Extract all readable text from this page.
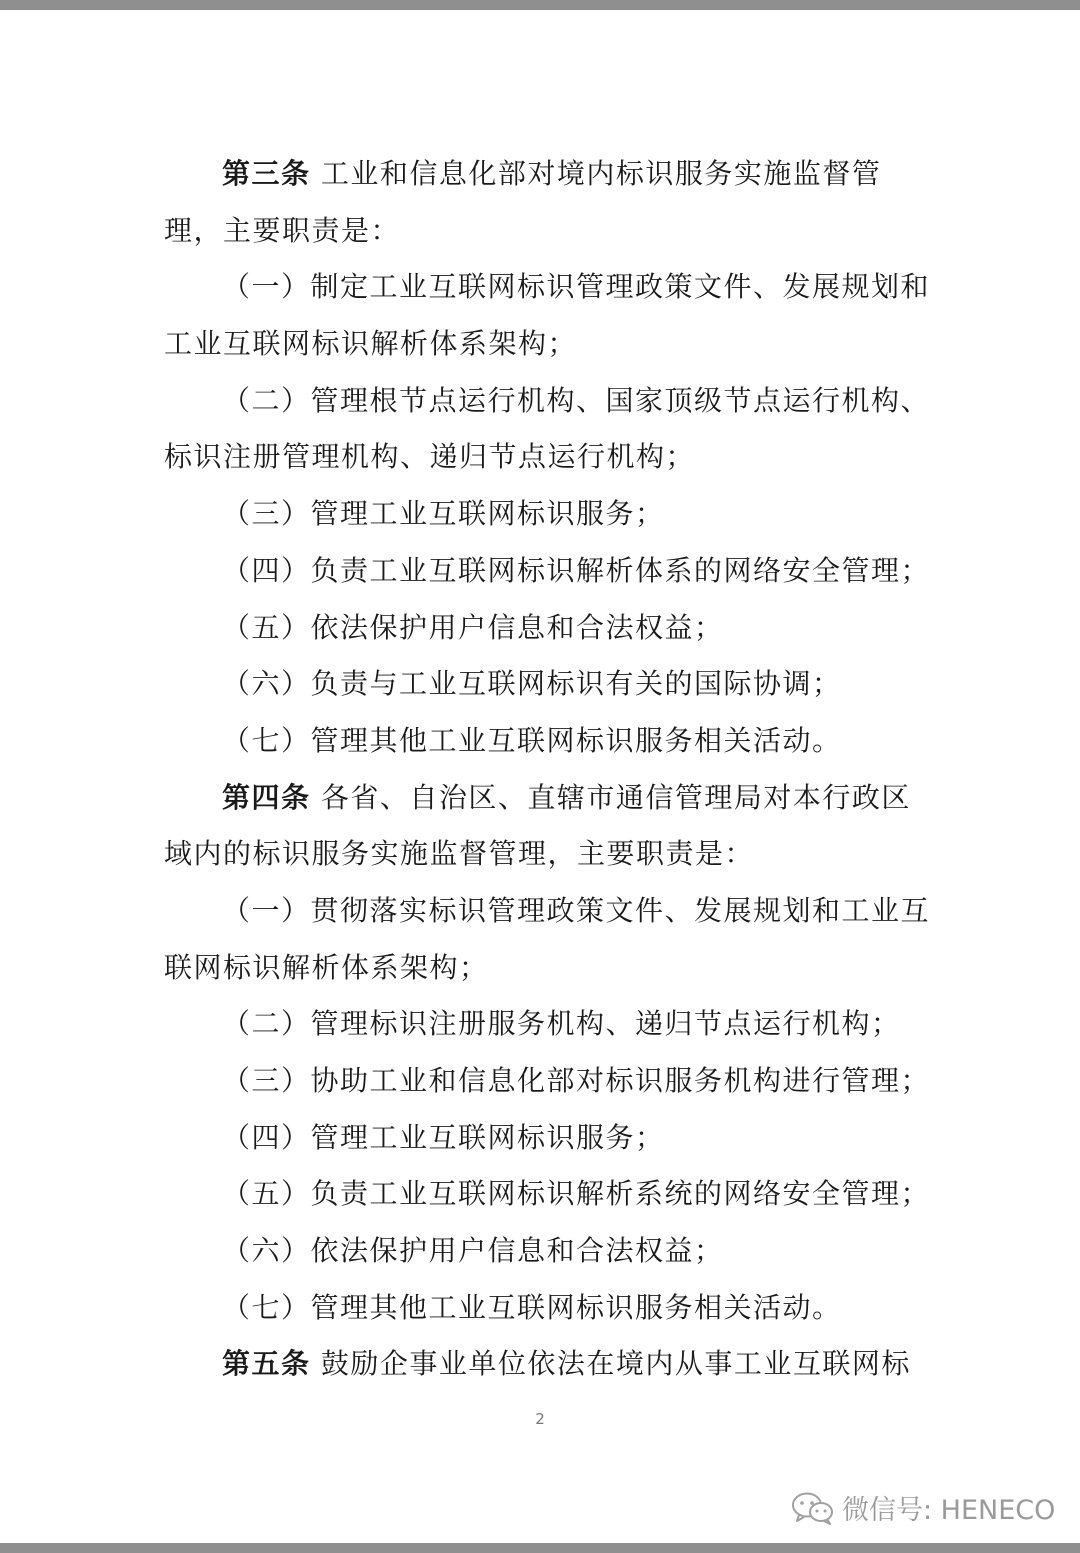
第三条 工业和信息化部对境内标识服务实施监督管
理，主要职责是：
（一）制定工业互联网标识管理政策文件、发展规划和
工业互联网标识解析体系架构；
（二）管理根节点运行机构、国家顶级节点运行机构、
标识注册管理机构、递归节点运行机构；
（三）管理工业互联网标识服务；
（四）负责工业互联网标识解析体系的网络安全管理；
（五）依法保护用户信息和合法权益；
（六）负责与工业互联网标识有关的国际协调；
（七）管理其他工业互联网标识服务相关活动。
第四条 各省、自治区、直辖市通信管理局对本行政区
域内的标识服务实施监督管理，主要职责是：
（一）贯彻落实标识管理政策文件、发展规划和工业互
联网标识解析体系架构；
（二）管理标识注册服务机构、递归节点运行机构；
（三）协助工业和信息化部对标识服务机构进行管理；
（四）管理工业互联网标识服务；
（五）负责工业互联网标识解析系统的网络安全管理；
（六）依法保护用户信息和合法权益；
（七）管理其他工业互联网标识服务相关活动。
第五条 鼓励企事业单位依法在境内从事工业互联网标
2
微信号: HENECO
